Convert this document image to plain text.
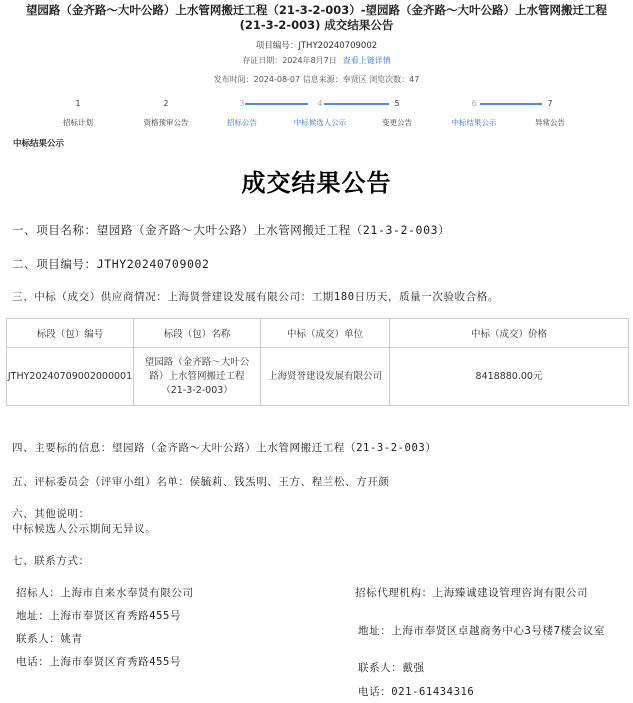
望园路（金齐路～大叶公路）上水管网搬迁工程（21-3-2-003）-望园路（金齐路～大叶公路）上水管网搬迁工程
(21-3-2-003) 成交结果公告
项目编号：JTHY20240709002
存证日期：2024年8月7日 查看上链详情
发布时间：2024-08-07 信息来源：奉贤区 浏览次数：47
1
招标计划
2
资格预审公告
3
招标公告
4
中标候选人公示
5
变更公告
6
中标结果公示
7
异常公告
中标结果公示
成交结果公告
一、项目名称：望园路（金齐路～大叶公路）上水管网搬迁工程（21-3-2-003）
二、项目编号：JTHY20240709002
三、中标（成交）供应商情况：上海贤誉建设发展有限公司：工期180日历天，质量一次验收合格。
标段（包）编号	标段（包）名称	中标（成交）单位	中标（成交）价格
JTHY20240709002000001	望园路（金齐路～大叶公路）上水管网搬迁工程（21-3-2-003）	上海贤誉建设发展有限公司	8418880.00元
四、主要标的信息：望园路（金齐路～大叶公路）上水管网搬迁工程（21-3-2-003）
五、评标委员会（评审小组）名单：侯毓莉、钱炁明、王方、程兰松、方开颜
六、其他说明：
中标候选人公示期间无异议。
七、联系方式：
招标人：上海市自来水奉贤有限公司
地址：上海市奉贤区育秀路455号
联系人：姚青
电话：上海市奉贤区育秀路455号
招标代理机构：上海臻诚建设管理咨询有限公司
地址：上海市奉贤区卓越商务中心3号楼7楼会议室
联系人：戴强
电话：021-61434316
